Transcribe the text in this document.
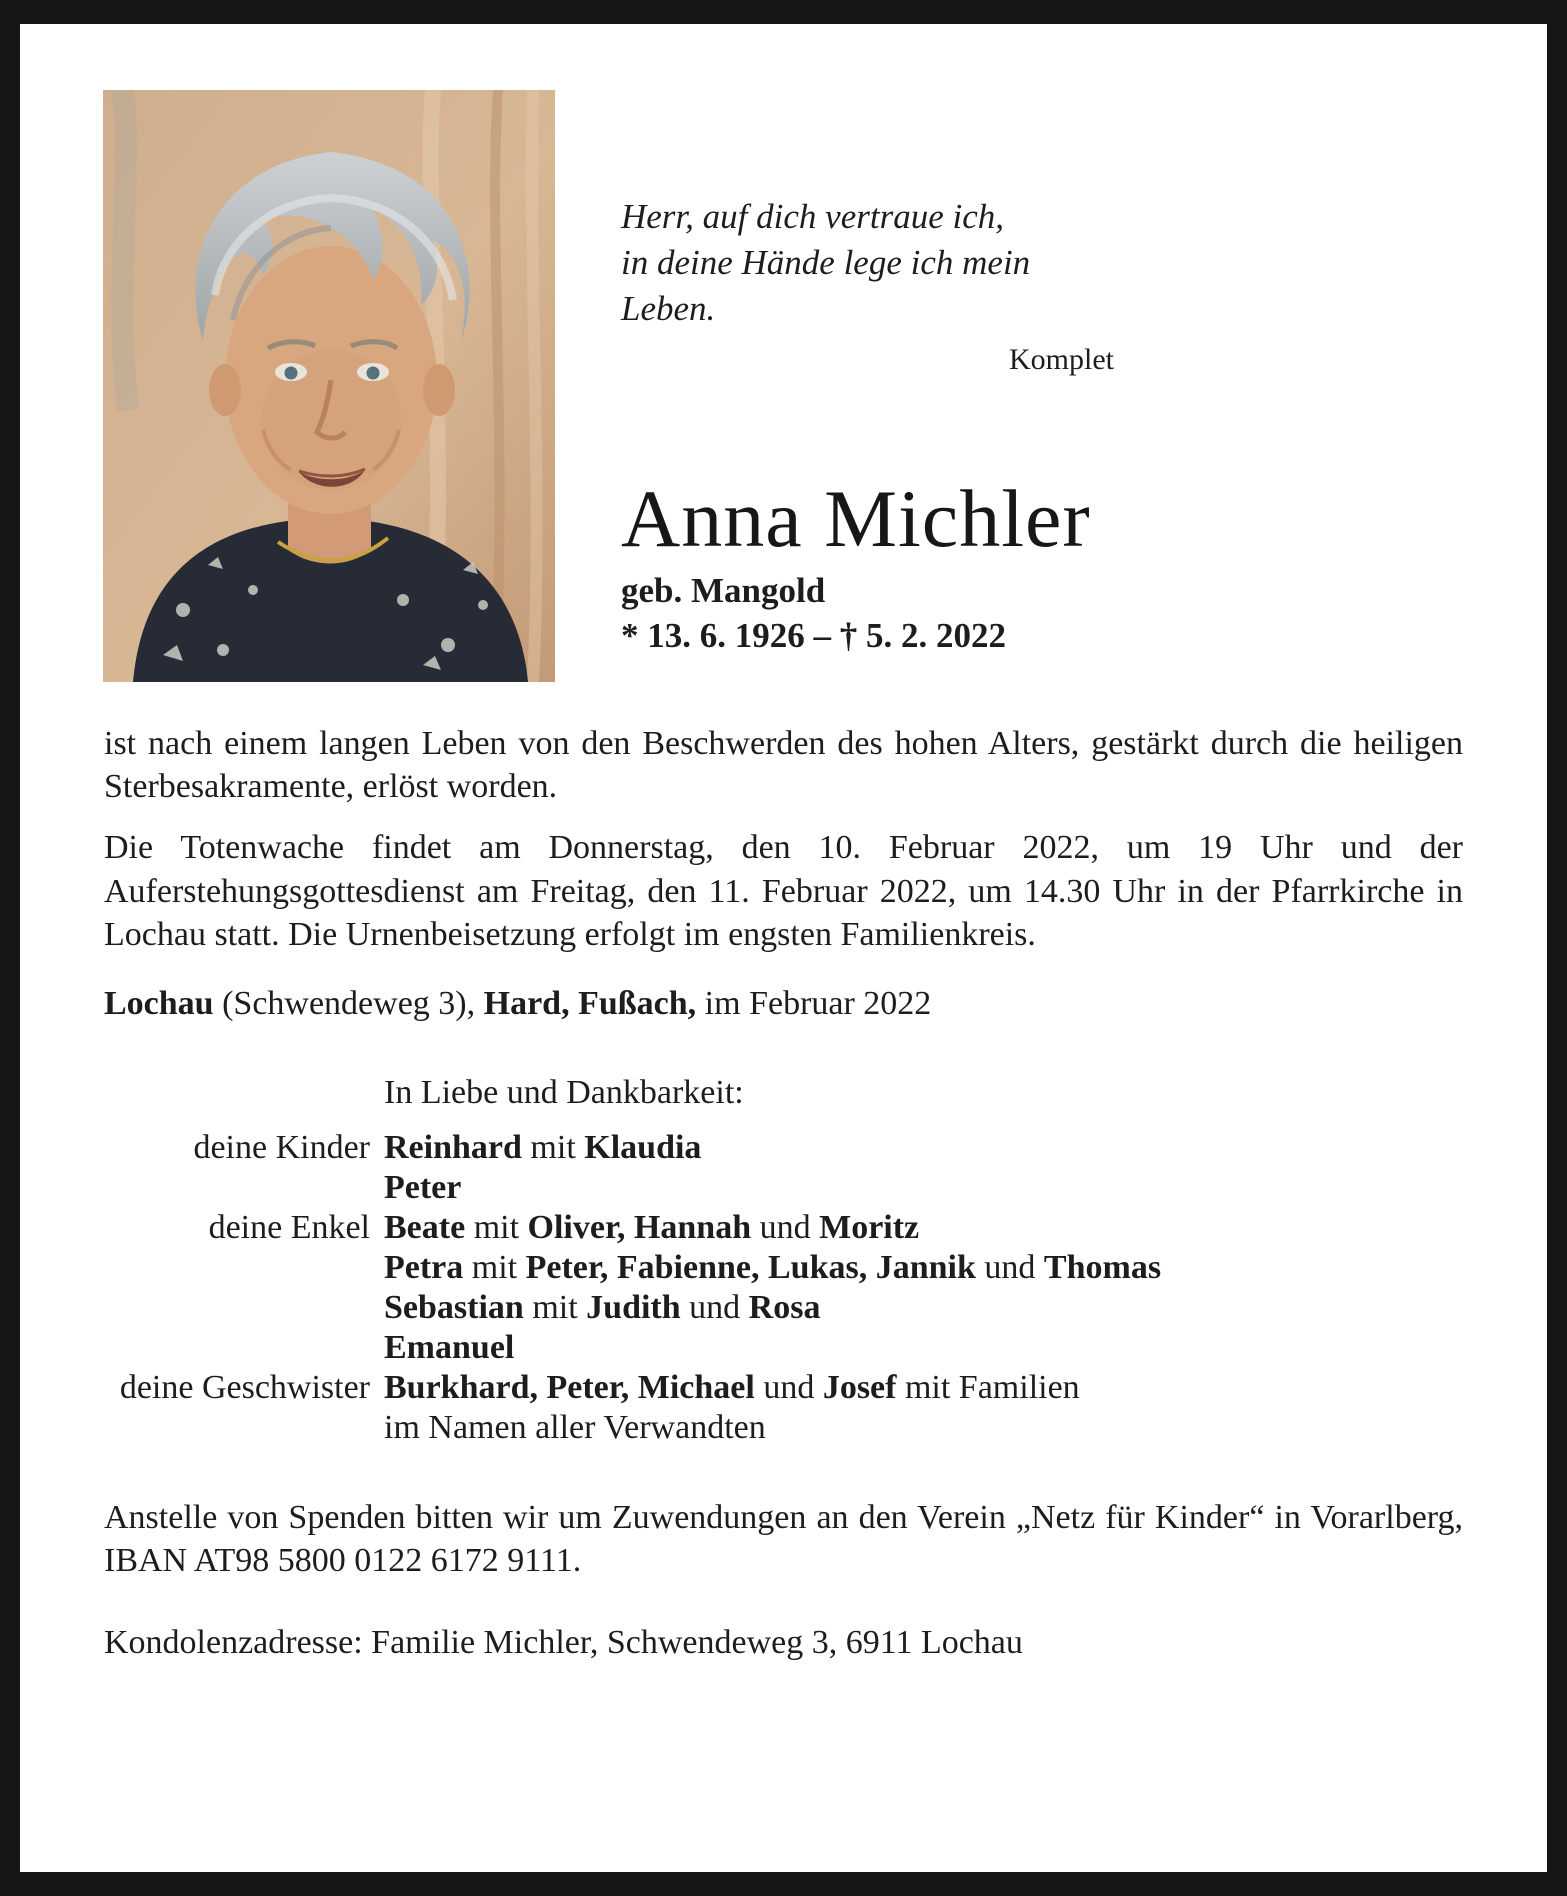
Herr, auf dich vertraue ich,
in deine Hände lege ich mein Leben.
Komplet
Anna Michler
geb. Mangold
* 13. 6. 1926 – † 5. 2. 2022

ist nach einem langen Leben von den Beschwerden des hohen Alters, gestärkt durch die heiligen Sterbesakramente, erlöst worden.

Die Totenwache findet am Donnerstag, den 10. Februar 2022, um 19 Uhr und der Auferstehungsgottesdienst am Freitag, den 11. Februar 2022, um 14.30 Uhr in der Pfarrkirche in Lochau statt. Die Urnenbeisetzung erfolgt im engsten Familienkreis.

Lochau (Schwendeweg 3), Hard, Fußach, im Februar 2022
In Liebe und Dankbarkeit:
deine Kinder Reinhard mit Klaudia
Peter
deine Enkel Beate mit Oliver, Hannah und Moritz
Petra mit Peter, Fabienne, Lukas, Jannik und Thomas
Sebastian mit Judith und Rosa
Emanuel
deine Geschwister Burkhard, Peter, Michael und Josef mit Familien
im Namen aller Verwandten

Anstelle von Spenden bitten wir um Zuwendungen an den Verein „Netz für Kinder“ in Vorarlberg, IBAN AT98 5800 0122 6172 9111.

Kondolenzadresse: Familie Michler, Schwendeweg 3, 6911 Lochau
